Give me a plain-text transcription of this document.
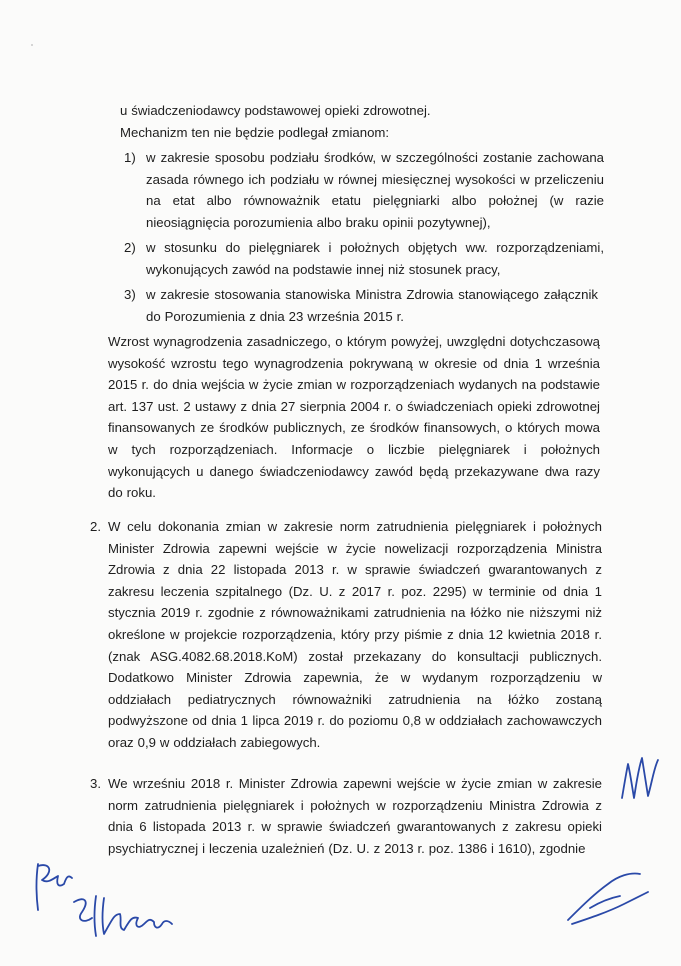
u świadczeniodawcy podstawowej opieki zdrowotnej.

Mechanizm ten nie będzie podlegał zmianom:

1) w zakresie sposobu podziału środków, w szczególności zostanie zachowana zasada równego ich podziału w równej miesięcznej wysokości w przeliczeniu na etat albo równoważnik etatu pielęgniarki albo położnej (w razie nieosiągnięcia porozumienia albo braku opinii pozytywnej),

2) w stosunku do pielęgniarek i położnych objętych ww. rozporządzeniami, wykonujących zawód na podstawie innej niż stosunek pracy,

3) w zakresie stosowania stanowiska Ministra Zdrowia stanowiącego załącznik do Porozumienia z dnia 23 września 2015 r.

Wzrost wynagrodzenia zasadniczego, o którym powyżej, uwzględni dotychczasową wysokość wzrostu tego wynagrodzenia pokrywaną w okresie od dnia 1 września 2015 r. do dnia wejścia w życie zmian w rozporządzeniach wydanych na podstawie art. 137 ust. 2 ustawy z dnia 27 sierpnia 2004 r. o świadczeniach opieki zdrowotnej finansowanych ze środków publicznych, ze środków finansowych, o których mowa w tych rozporządzeniach. Informacje o liczbie pielęgniarek i położnych wykonujących u danego świadczeniodawcy zawód będą przekazywane dwa razy do roku.

2. W celu dokonania zmian w zakresie norm zatrudnienia pielęgniarek i położnych Minister Zdrowia zapewni wejście w życie nowelizacji rozporządzenia Ministra Zdrowia z dnia 22 listopada 2013 r. w sprawie świadczeń gwarantowanych z zakresu leczenia szpitalnego (Dz. U. z 2017 r. poz. 2295) w terminie od dnia 1 stycznia 2019 r. zgodnie z równoważnikami zatrudnienia na łóżko nie niższymi niż określone w projekcie rozporządzenia, który przy piśmie z dnia 12 kwietnia 2018 r. (znak ASG.4082.68.2018.KoM) został przekazany do konsultacji publicznych. Dodatkowo Minister Zdrowia zapewnia, że w wydanym rozporządzeniu w oddziałach pediatrycznych równoważniki zatrudnienia na łóżko zostaną podwyższone od dnia 1 lipca 2019 r. do poziomu 0,8 w oddziałach zachowawczych oraz 0,9 w oddziałach zabiegowych.

3. We wrześniu 2018 r. Minister Zdrowia zapewni wejście w życie zmian w zakresie norm zatrudnienia pielęgniarek i położnych w rozporządzeniu Ministra Zdrowia z dnia 6 listopada 2013 r. w sprawie świadczeń gwarantowanych z zakresu opieki psychiatrycznej i leczenia uzależnień (Dz. U. z 2013 r. poz. 1386 i 1610), zgodnie
